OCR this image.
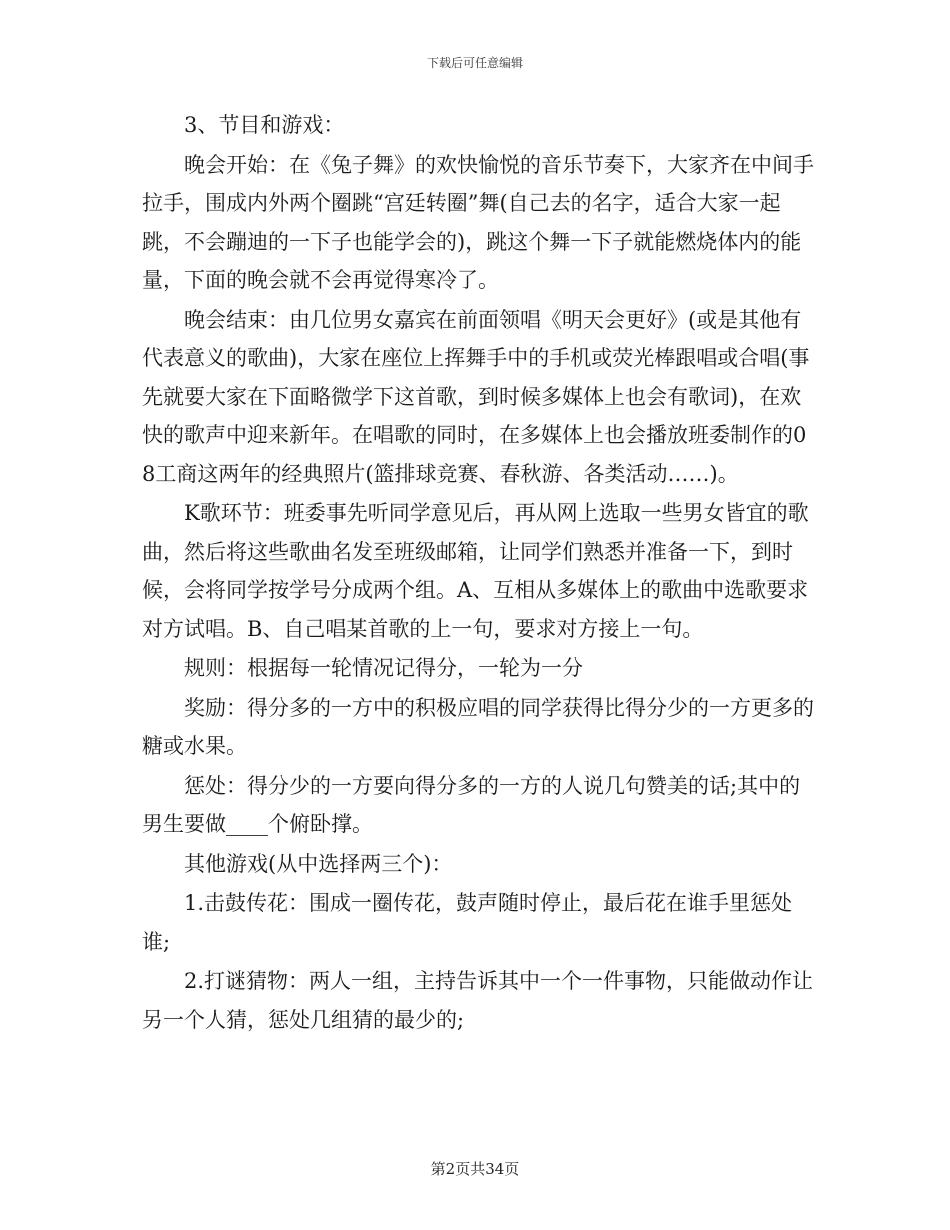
下载后可任意编辑

3、节目和游戏：

晚会开始：在《兔子舞》的欢快愉悦的音乐节奏下，大家齐在中间手拉手，围成内外两个圈跳“宫廷转圈”舞(自己去的名字，适合大家一起跳，不会蹦迪的一下子也能学会的)，跳这个舞一下子就能燃烧体内的能量，下面的晚会就不会再觉得寒冷了。

晚会结束：由几位男女嘉宾在前面领唱《明天会更好》(或是其他有代表意义的歌曲)，大家在座位上挥舞手中的手机或荧光棒跟唱或合唱(事先就要大家在下面略微学下这首歌，到时候多媒体上也会有歌词)，在欢快的歌声中迎来新年。在唱歌的同时，在多媒体上也会播放班委制作的08工商这两年的经典照片(篮排球竞赛、春秋游、各类活动……)。

K歌环节：班委事先听同学意见后，再从网上选取一些男女皆宜的歌曲，然后将这些歌曲名发至班级邮箱，让同学们熟悉并准备一下，到时候，会将同学按学号分成两个组。A、互相从多媒体上的歌曲中选歌要求对方试唱。B、自己唱某首歌的上一句，要求对方接上一句。

规则：根据每一轮情况记得分，一轮为一分

奖励：得分多的一方中的积极应唱的同学获得比得分少的一方更多的糖或水果。

惩处：得分少的一方要向得分多的一方的人说几句赞美的话;其中的男生要做____个俯卧撑。

其他游戏(从中选择两三个)：

1.击鼓传花：围成一圈传花，鼓声随时停止，最后花在谁手里惩处谁;

2.打谜猜物：两人一组，主持告诉其中一个一件事物，只能做动作让另一个人猜，惩处几组猜的最少的;

第2页共34页
